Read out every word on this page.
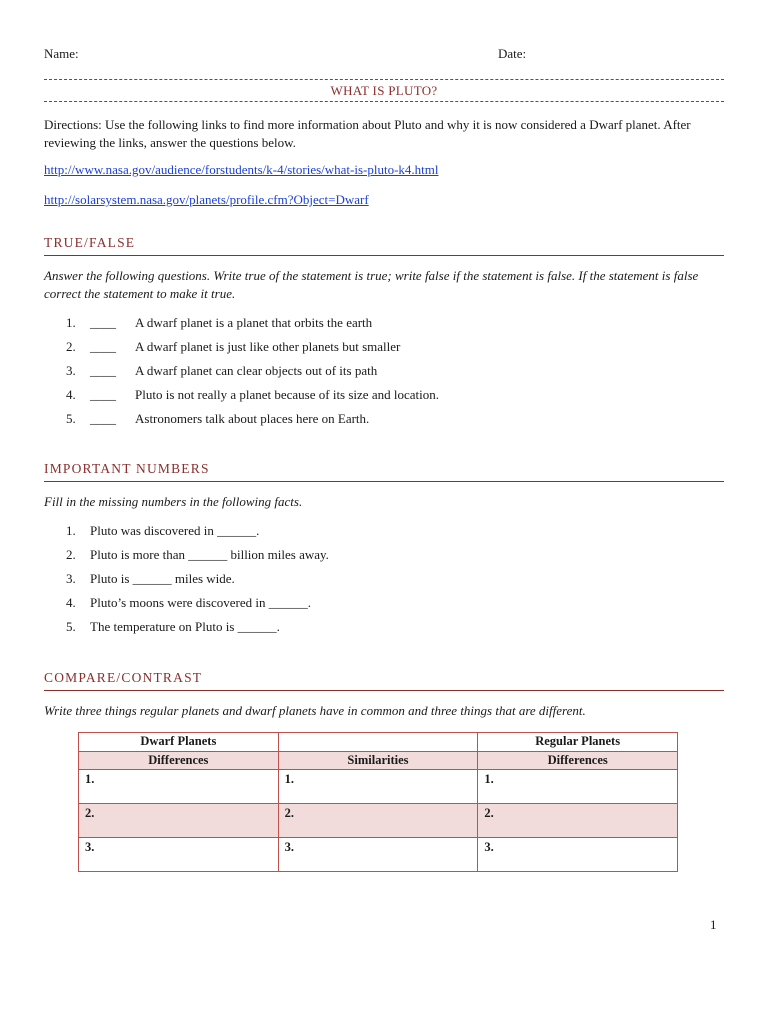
Name:	Date:
WHAT IS PLUTO?
Directions: Use the following links to find more information about Pluto and why it is now considered a Dwarf planet. After reviewing the links, answer the questions below.
http://www.nasa.gov/audience/forstudents/k-4/stories/what-is-pluto-k4.html
http://solarsystem.nasa.gov/planets/profile.cfm?Object=Dwarf
TRUE/FALSE
Answer the following questions. Write true of the statement is true; write false if the statement is false. If the statement is false correct the statement to make it true.
1.	____	A dwarf planet is a planet that orbits the earth
2.	____	A dwarf planet is just like other planets but smaller
3.	____	A dwarf planet can clear objects out of its path
4.	____	Pluto is not really a planet because of its size and location.
5.	____	Astronomers talk about places here on Earth.
IMPORTANT NUMBERS
Fill in the missing numbers in the following facts.
1.	Pluto was discovered in ______.
2.	Pluto is more than ______ billion miles away.
3.	Pluto is ______ miles wide.
4.	Pluto’s moons were discovered in ______.
5.	The temperature on Pluto is ______.
COMPARE/CONTRAST
Write three things regular planets and dwarf planets have in common and three things that are different.
Dwarf Planets		Regular Planets
Differences	Similarities	Differences
1.	1.	1.
2.	2.	2.
3.	3.	3.
1
